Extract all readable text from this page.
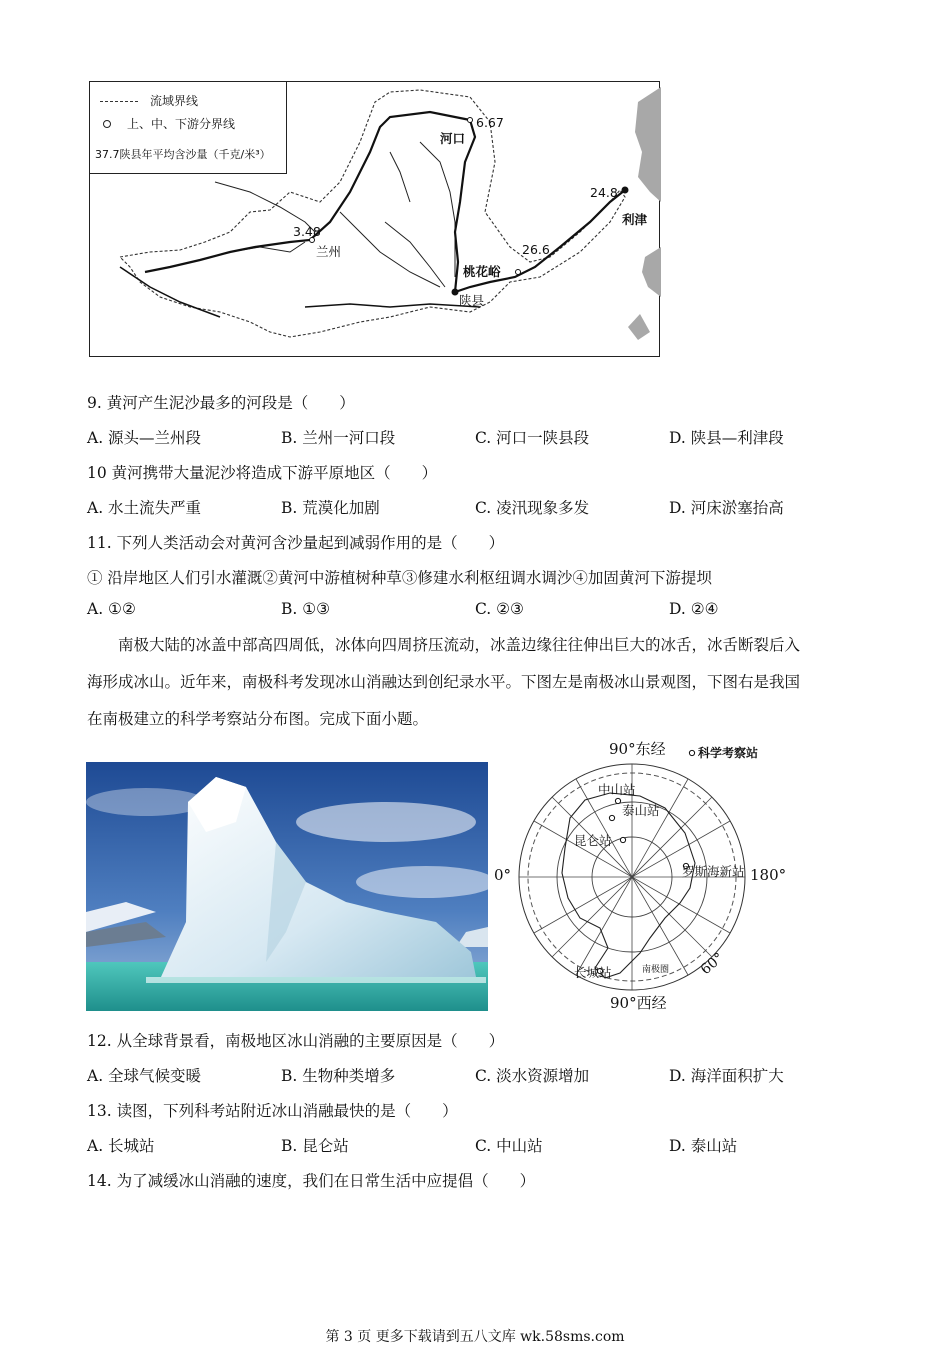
流域界线
上、中、下游分界线
37.7陕县年平均含沙量（千克/米³）
河口
6.67
3.48
兰州
24.8
利津
26.6
桃花峪
陕县
9. 黄河产生泥沙最多的河段是（　　）
A. 源头—兰州段	B. 兰州一河口段	C. 河口一陕县段	D. 陕县—利津段
10 黄河携带大量泥沙将造成下游平原地区（　　）
A. 水土流失严重	B. 荒漠化加剧	C. 凌汛现象多发	D. 河床淤塞抬高
11. 下列人类活动会对黄河含沙量起到减弱作用的是（　　）
① 沿岸地区人们引水灌溉②黄河中游植树种草③修建水利枢纽调水调沙④加固黄河下游提坝
A. ①②	B. ①③	C. ②③	D. ②④
南极大陆的冰盖中部高四周低，冰体向四周挤压流动，冰盖边缘往往伸出巨大的冰舌，冰舌断裂后入
海形成冰山。近年来，南极科考发现冰山消融达到创纪录水平。下图左是南极冰山景观图，下图右是我国
在南极建立的科学考察站分布图。完成下面小题。
90°东经	科学考察站
中山站
泰山站
昆仑站
罗斯海新站
0°	180°
60°
长城站	南极圈
90°西经
12. 从全球背景看，南极地区冰山消融的主要原因是（　　）
A. 全球气候变暖	B. 生物种类增多	C. 淡水资源增加	D. 海洋面积扩大
13. 读图，下列科考站附近冰山消融最快的是（　　）
A. 长城站	B. 昆仑站	C. 中山站	D. 泰山站
14. 为了减缓冰山消融的速度，我们在日常生活中应提倡（　　）
第 3 页 更多下载请到五八文库 wk.58sms.com
